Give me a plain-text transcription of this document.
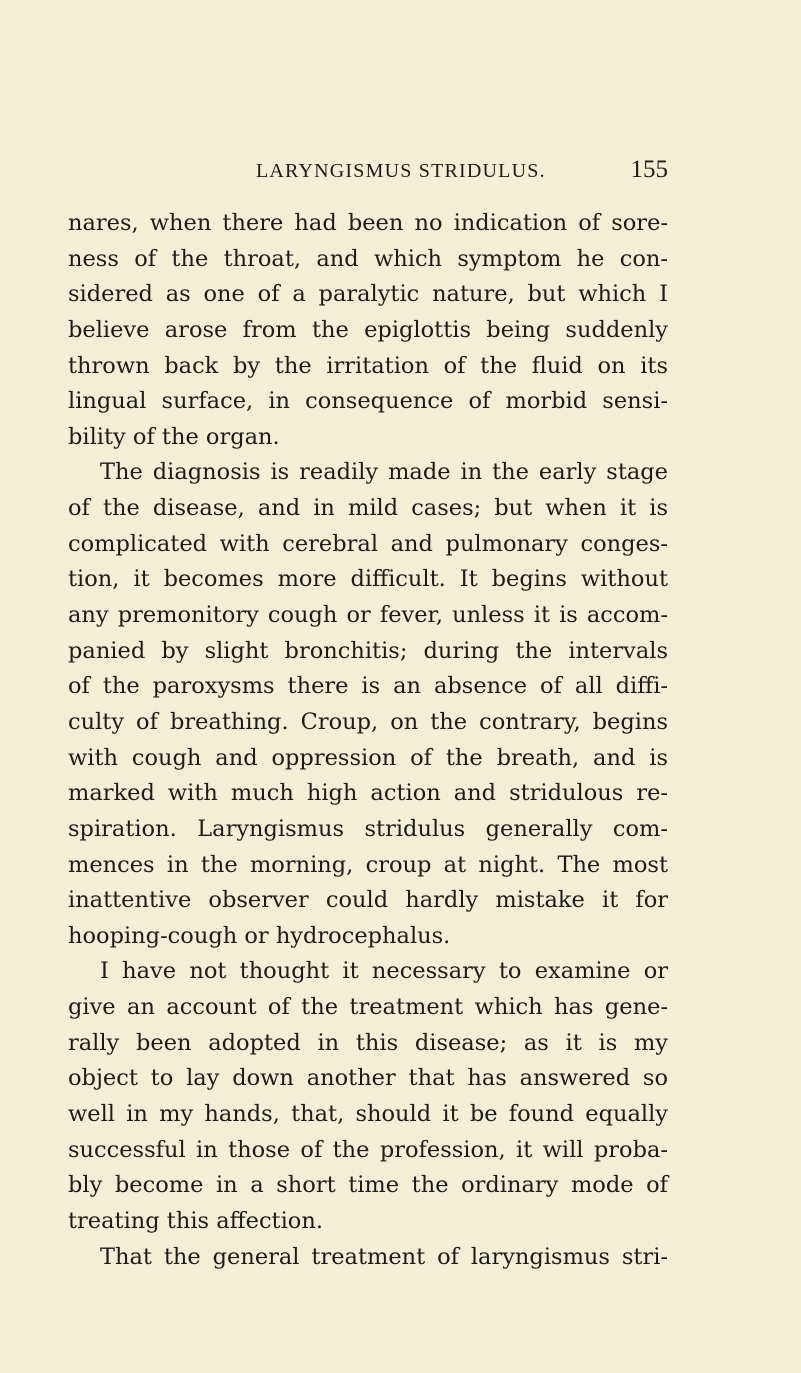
LARYNGISMUS STRIDULUS.	155
nares, when there had been no indication of sore-
ness of the throat, and which symptom he con-
sidered as one of a paralytic nature, but which I
believe arose from the epiglottis being suddenly
thrown back by the irritation of the fluid on its
lingual surface, in consequence of morbid sensi-
bility of the organ.
The diagnosis is readily made in the early stage
of the disease, and in mild cases; but when it is
complicated with cerebral and pulmonary conges-
tion, it becomes more difficult. It begins without
any premonitory cough or fever, unless it is accom-
panied by slight bronchitis; during the intervals
of the paroxysms there is an absence of all diffi-
culty of breathing. Croup, on the contrary, begins
with cough and oppression of the breath, and is
marked with much high action and stridulous re-
spiration. Laryngismus stridulus generally com-
mences in the morning, croup at night. The most
inattentive observer could hardly mistake it for
hooping-cough or hydrocephalus.
I have not thought it necessary to examine or
give an account of the treatment which has gene-
rally been adopted in this disease; as it is my
object to lay down another that has answered so
well in my hands, that, should it be found equally
successful in those of the profession, it will proba-
bly become in a short time the ordinary mode of
treating this affection.
That the general treatment of laryngismus stri-
